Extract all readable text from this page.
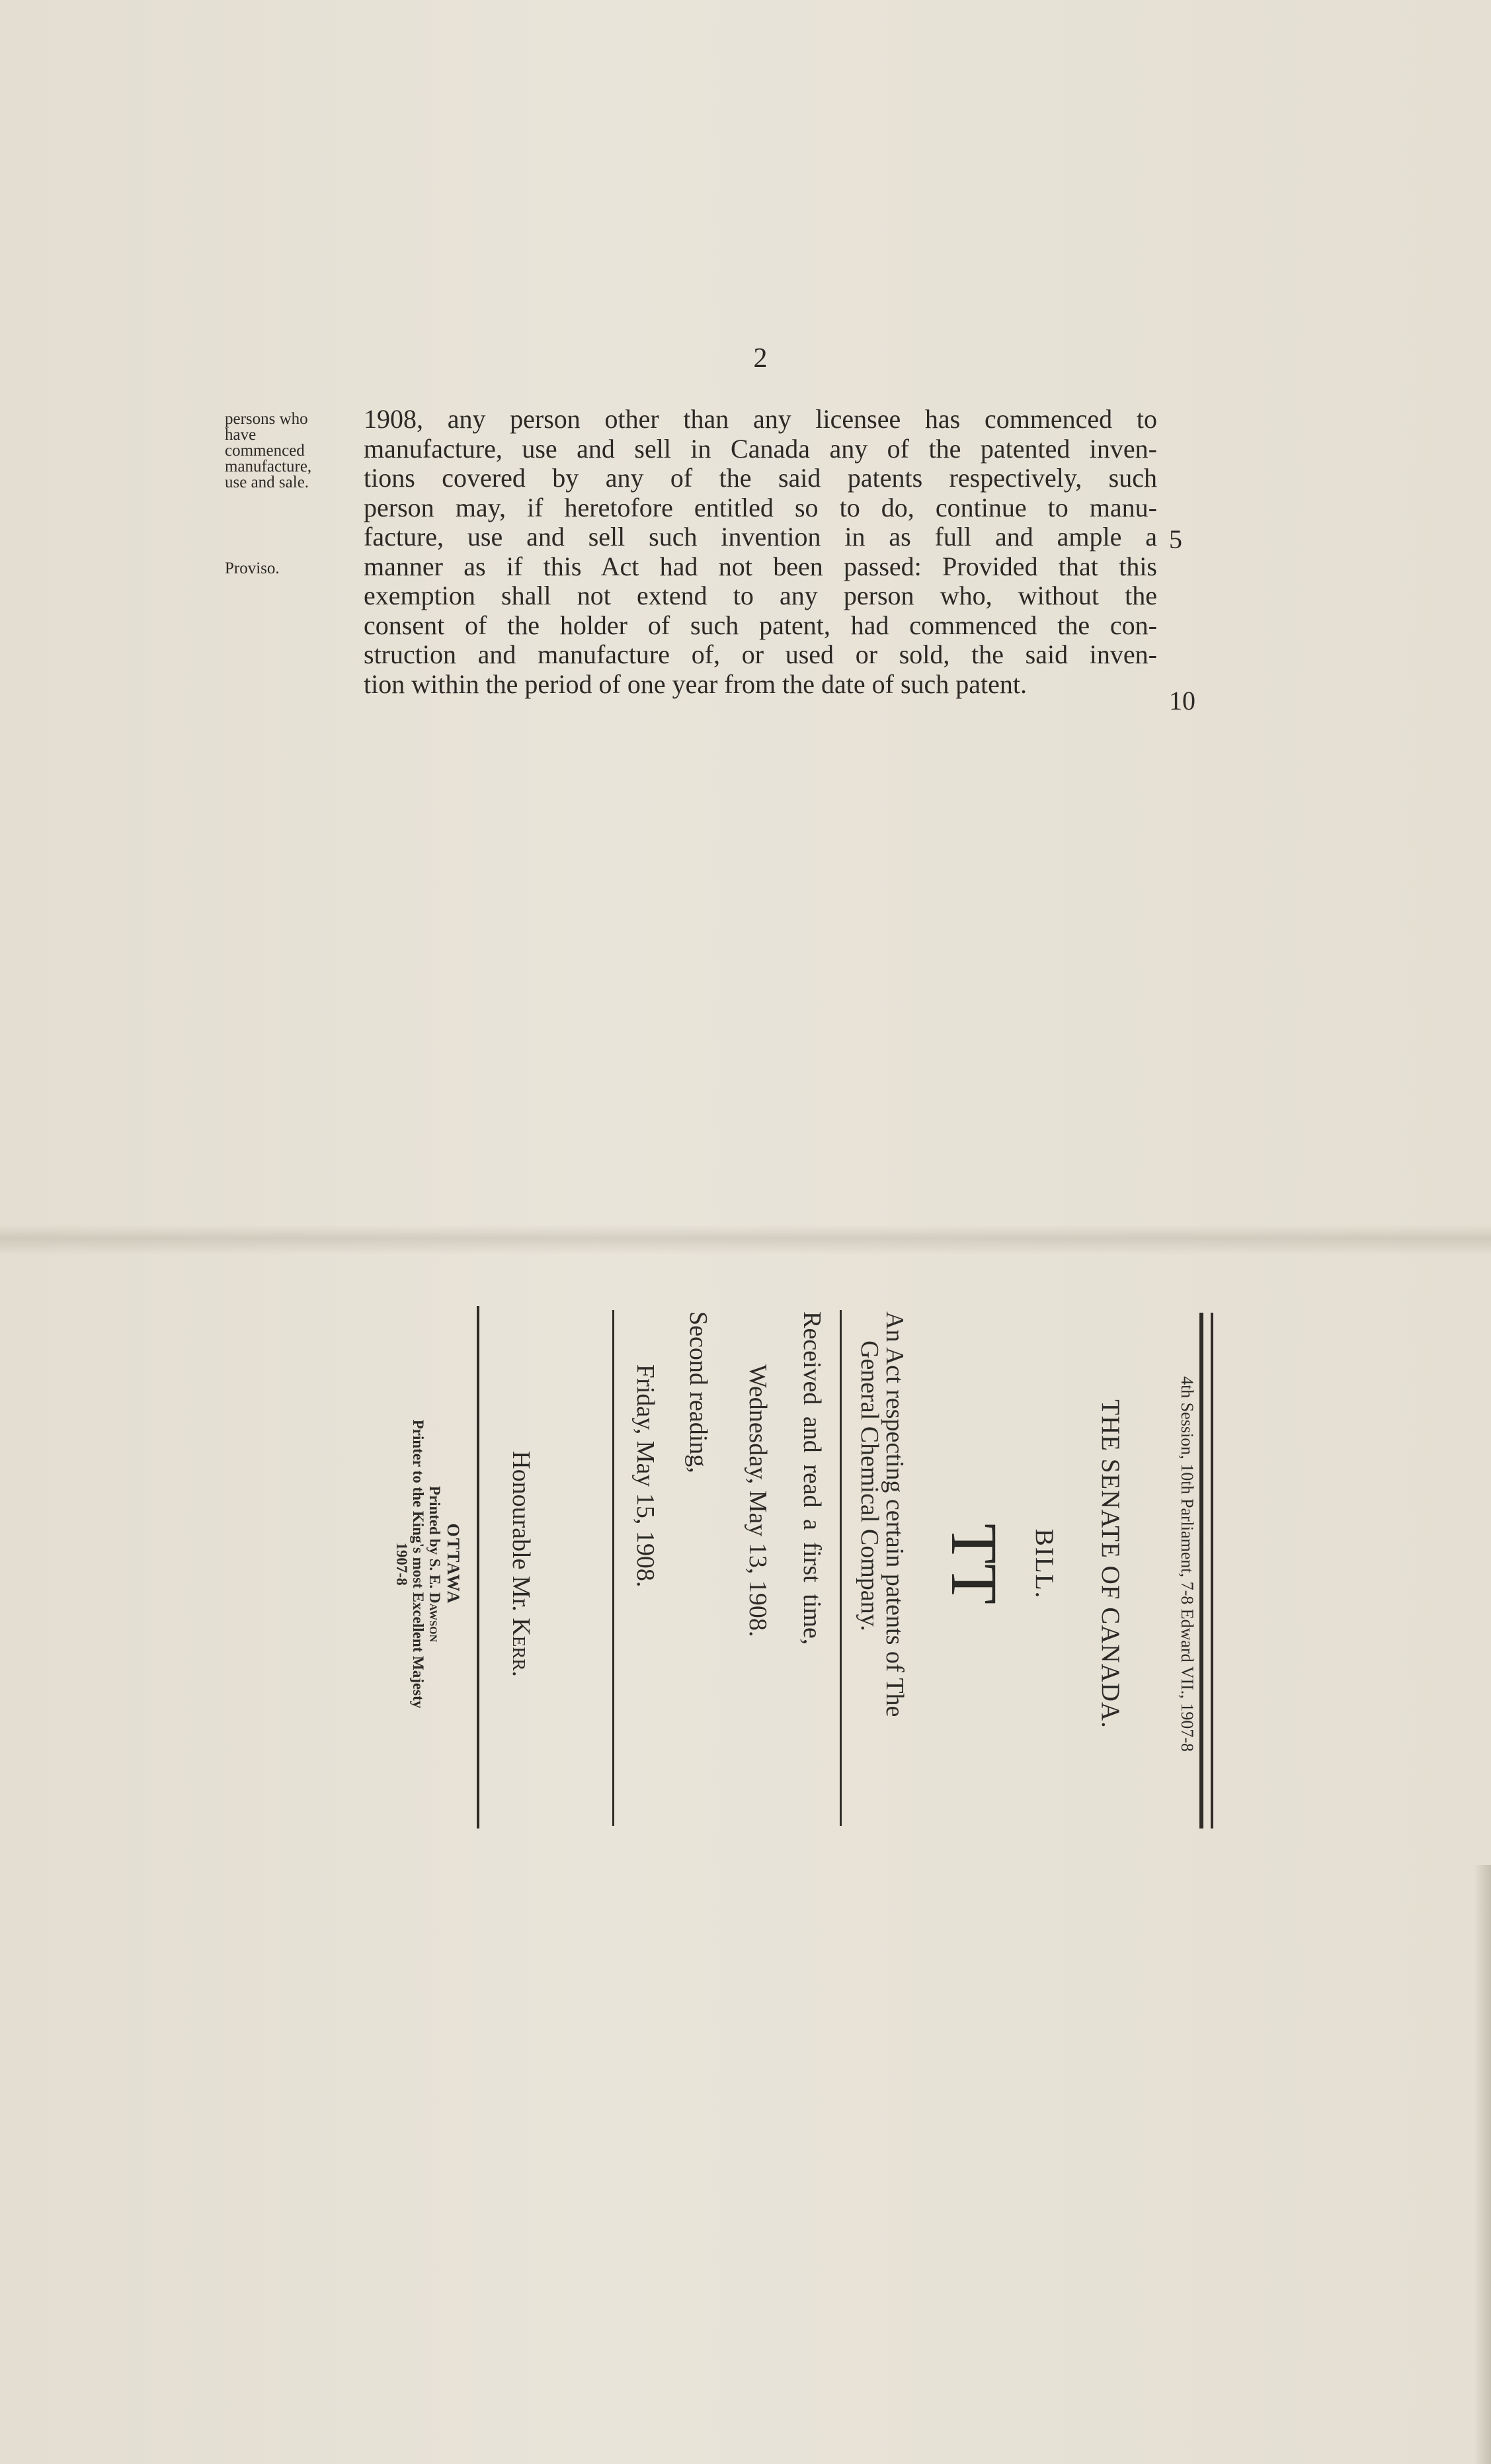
2
persons who
have
commenced
manufacture,
use and sale.
Proviso.
1908, any person other than any licensee has commenced to
manufacture, use and sell in Canada any of the patented inven-
tions covered by any of the said patents respectively, such
person may, if heretofore entitled so to do, continue to manu-
facture, use and sell such invention in as full and ample a
manner as if this Act had not been passed: Provided that this
exemption shall not extend to any person who, without the
consent of the holder of such patent, had commenced the con-
struction and manufacture of, or used or sold, the said inven-
tion within the period of one year from the date of such patent.
5
10
4th Session, 10th Parliament, 7-8 Edward VII., 1907-8
THE SENATE OF CANADA.
BILL.
TT
An Act respecting certain patents of The
General Chemical Company.
Received and read a first time,
Wednesday, May 13, 1908.
Second reading,
Friday, May 15, 1908.
Honourable Mr. Kerr.
OTTAWA
Printed by S. E. Dawson
Printer to the King's most Excellent Majesty
1907-8
